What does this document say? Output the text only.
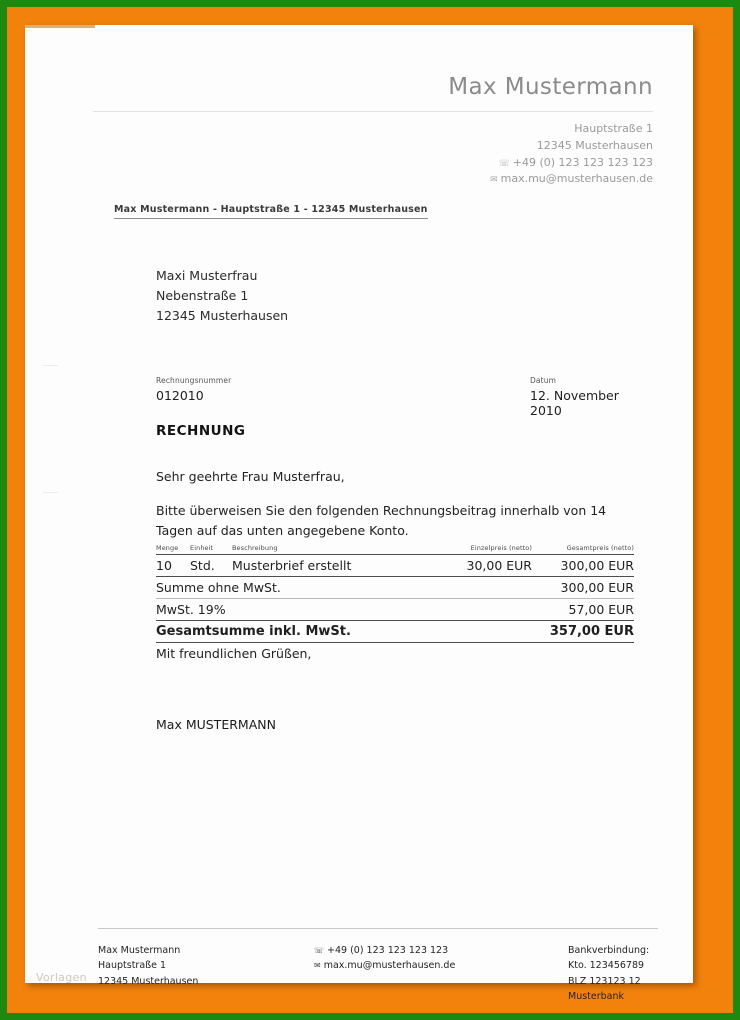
Max Mustermann
Hauptstraße 1
12345 Musterhausen
☏ +49 (0) 123 123 123 123
✉ max.mu@musterhausen.de
Max Mustermann - Hauptstraße 1 - 12345 Musterhausen
Maxi Musterfrau
Nebenstraße 1
12345 Musterhausen
Rechnungsnummer
012010
Datum
12. November 2010
RECHNUNG
Sehr geehrte Frau Musterfrau,
Bitte überweisen Sie den folgenden Rechnungsbeitrag innerhalb von 14 Tagen auf das unten angegebene Konto.
Menge	Einheit	Beschreibung	Einzelpreis (netto)	Gesamtpreis (netto)
10	Std.	Musterbrief erstellt	30,00 EUR	300,00 EUR
Summe ohne MwSt.				300,00 EUR
MwSt. 19%				57,00 EUR
Gesamtsumme inkl. MwSt.				357,00 EUR

Mit freundlichen Grüßen,
Max MUSTERMANN
Max Mustermann
Hauptstraße 1
12345 Musterhausen
☏ +49 (0) 123 123 123 123
✉ max.mu@musterhausen.de
Bankverbindung:
Kto. 123456789
BLZ 123123 12
Musterbank
Vorlagen
